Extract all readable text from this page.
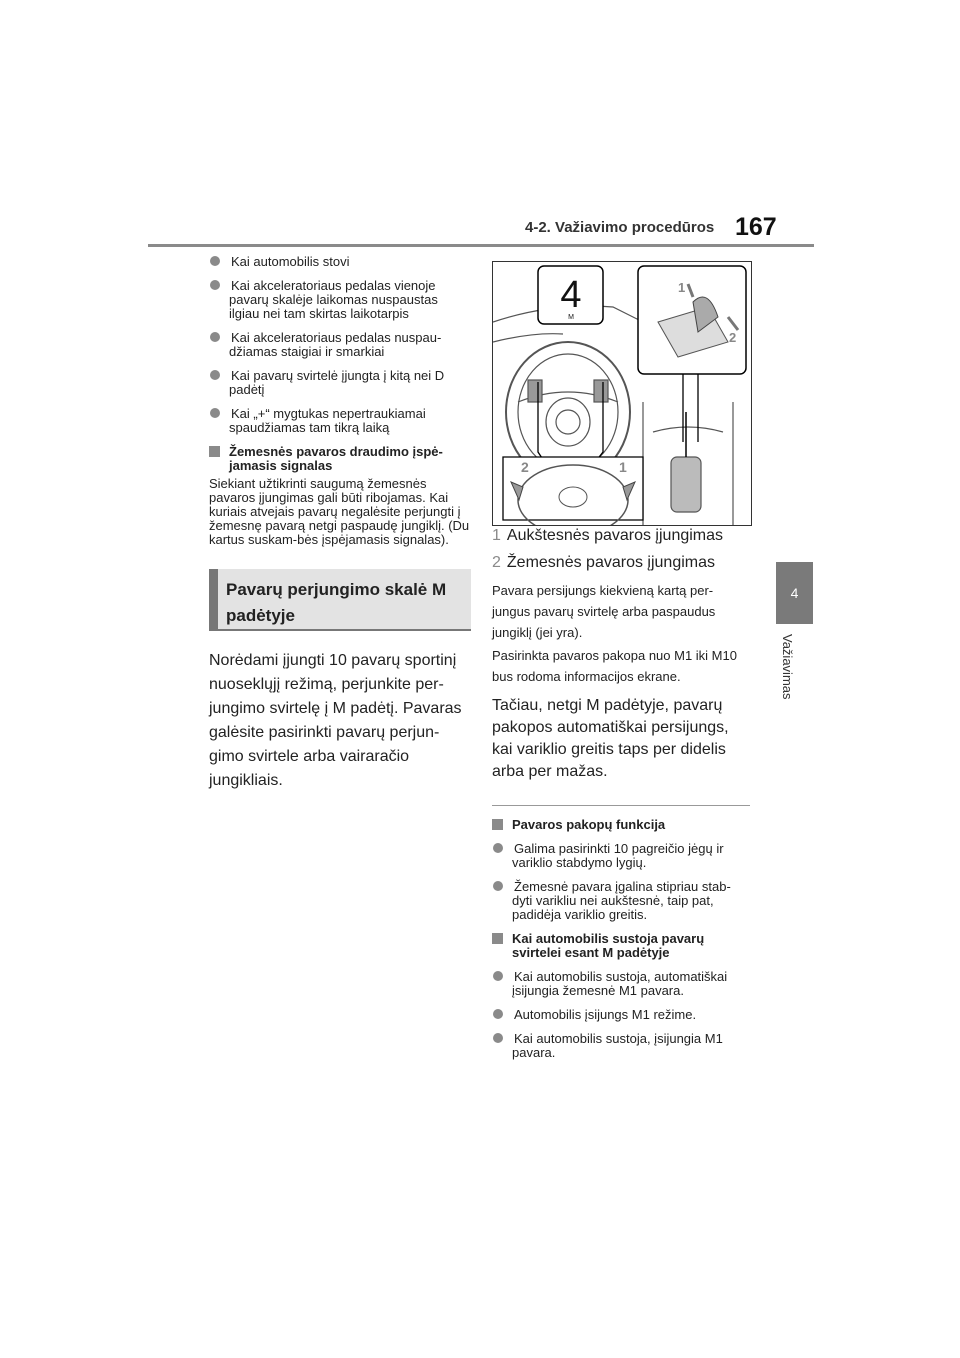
4-2. Važiavimo procedūros 167
4
Važiavimas
Kai automobilis stovi
Kai akceleratoriaus pedalas vienoje pavarų skalėje laikomas nuspaustas ilgiau nei tam skirtas laikotarpis
Kai akceleratoriaus pedalas nuspau-džiamas staigiai ir smarkiai
Kai pavarų svirtelė įjungta į kitą nei D padėtį
Kai „+“ mygtukas nepertraukiamai spaudžiamas tam tikrą laiką
Žemesnės pavaros draudimo įspė-jamasis signalas
Siekiant užtikrinti saugumą žemesnės pavaros įjungimas gali būti ribojamas. Kai kuriais atvejais pavarų negalėsite perjungti į žemesnę pavarą netgi paspaudę jungiklį. (Du kartus suskam-bės įspėjamasis signalas).
Pavarų perjungimo skalė M
padėtyje
Norėdami įjungti 10 pavarų sportinį nuoseklųjį režimą, perjunkite per-jungimo svirtelę į M padėtį. Pavaras galėsite pasirinkti pavarų perjun-gimo svirtele arba vairaračio jungikliais.
4
M
1
2
2	1
1 Aukštesnės pavaros įjungimas
2 Žemesnės pavaros įjungimas
Pavara persijungs kiekvieną kartą per-jungus pavarų svirtelę arba paspaudus jungiklį (jei yra).
Pasirinkta pavaros pakopa nuo M1 iki M10 bus rodoma informacijos ekrane.
Tačiau, netgi M padėtyje, pavarų pakopos automatiškai persijungs, kai variklio greitis taps per didelis arba per mažas.
Pavaros pakopų funkcija
Galima pasirinkti 10 pagreičio jėgų ir variklio stabdymo lygių.
Žemesnė pavara įgalina stipriau stab-dyti varikliu nei aukštesnė, taip pat, padidėja variklio greitis.
Kai automobilis sustoja pavarų svirtelei esant M padėtyje
Kai automobilis sustoja, automatiškai įsijungia žemesnė M1 pavara.
Automobilis įsijungs M1 režime.
Kai automobilis sustoja, įsijungia M1 pavara.
